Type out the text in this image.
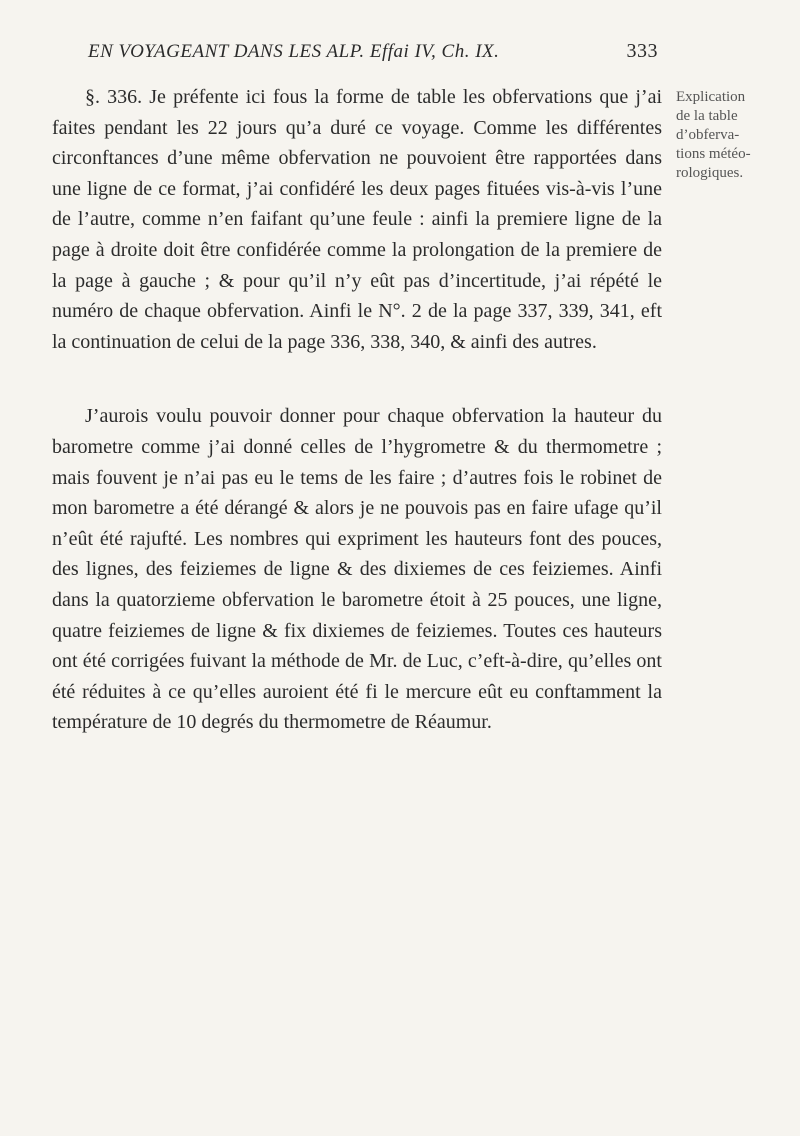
EN VOYAGEANT DANS LES ALP. Effai IV, Ch. IX.	333

§. 336. Je préfente ici fous la forme de table les obfervations que j’ai faites pendant les 22 jours qu’a duré ce voyage. Comme les différentes circonftances d’une même obfervation ne pouvoient être rapportées dans une ligne de ce format, j’ai confidéré les deux pages fituées vis-à-vis l’une de l’autre, comme n’en faifant qu’une feule : ainfi la premiere ligne de la page à droite doit être confidérée comme la prolongation de la premiere de la page à gauche ; & pour qu’il n’y eût pas d’incertitude, j’ai répété le numéro de chaque obfervation. Ainfi le N°. 2 de la page 337, 339, 341, eft la continuation de celui de la page 336, 338, 340, & ainfi des autres.

J’aurois voulu pouvoir donner pour chaque obfervation la hauteur du barometre comme j’ai donné celles de l’hygrometre & du thermometre ; mais fouvent je n’ai pas eu le tems de les faire ; d’autres fois le robinet de mon barometre a été dérangé & alors je ne pouvois pas en faire ufage qu’il n’eût été rajufté. Les nombres qui expriment les hauteurs font des pouces, des lignes, des feiziemes de ligne & des dixiemes de ces feiziemes. Ainfi dans la quatorzieme obfervation le barometre étoit à 25 pouces, une ligne, quatre feiziemes de ligne & fix dixiemes de feiziemes. Toutes ces hauteurs ont été corrigées fuivant la méthode de Mr. de Luc, c’eft-à-dire, qu’elles ont été réduites à ce qu’elles auroient été fi le mercure eût eu conftamment la température de 10 degrés du thermometre de Réaumur.

Explication
de la table
d’obferva-
tions météo-
rologiques.
